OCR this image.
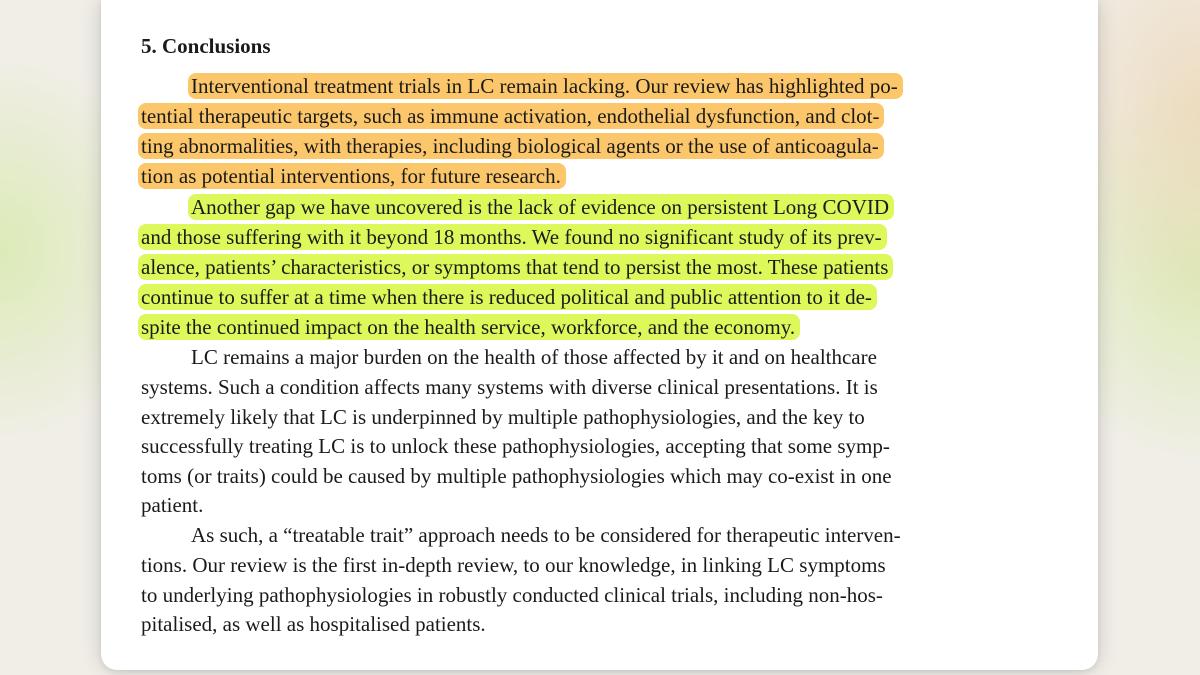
5. Conclusions

Interventional treatment trials in LC remain lacking. Our review has highlighted po-

tential therapeutic targets, such as immune activation, endothelial dysfunction, and clot-

ting abnormalities, with therapies, including biological agents or the use of anticoagula-

tion as potential interventions, for future research.

Another gap we have uncovered is the lack of evidence on persistent Long COVID

and those suffering with it beyond 18 months. We found no significant study of its prev-

alence, patients’ characteristics, or symptoms that tend to persist the most. These patients

continue to suffer at a time when there is reduced political and public attention to it de-

spite the continued impact on the health service, workforce, and the economy.

LC remains a major burden on the health of those affected by it and on healthcare

systems. Such a condition affects many systems with diverse clinical presentations. It is

extremely likely that LC is underpinned by multiple pathophysiologies, and the key to

successfully treating LC is to unlock these pathophysiologies, accepting that some symp-

toms (or traits) could be caused by multiple pathophysiologies which may co-exist in one

patient.

As such, a “treatable trait” approach needs to be considered for therapeutic interven-

tions. Our review is the first in-depth review, to our knowledge, in linking LC symptoms

to underlying pathophysiologies in robustly conducted clinical trials, including non-hos-

pitalised, as well as hospitalised patients.
